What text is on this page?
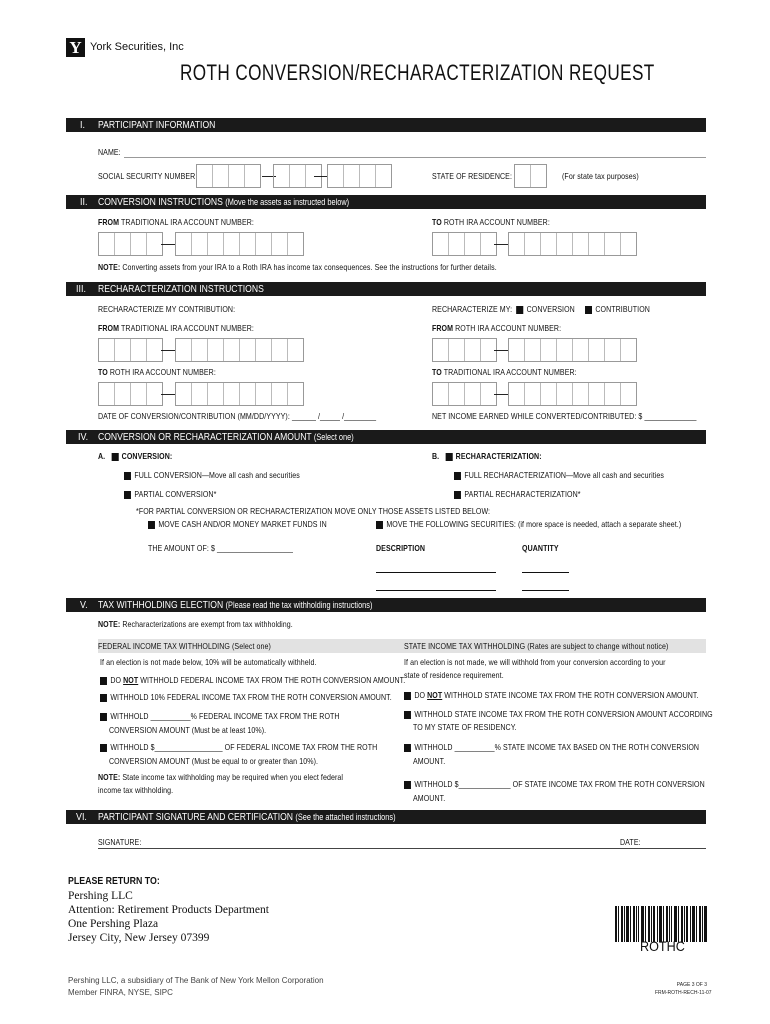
Y York Securities, Inc
ROTH CONVERSION/RECHARACTERIZATION REQUEST
I. PARTICIPANT INFORMATION
NAME:
SOCIAL SECURITY NUMBER:	—	—	STATE OF RESIDENCE:	(For state tax purposes)
II. CONVERSION INSTRUCTIONS (Move the assets as instructed below)
FROM TRADITIONAL IRA ACCOUNT NUMBER:	TO ROTH IRA ACCOUNT NUMBER:
—	—
NOTE: Converting assets from your IRA to a Roth IRA has income tax consequences. See the instructions for further details.
III. RECHARACTERIZATION INSTRUCTIONS
RECHARACTERIZE MY CONTRIBUTION:	RECHARACTERIZE MY: CONVERSION	CONTRIBUTION
FROM TRADITIONAL IRA ACCOUNT NUMBER:	FROM ROTH IRA ACCOUNT NUMBER:
—	—
TO ROTH IRA ACCOUNT NUMBER:	TO TRADITIONAL IRA ACCOUNT NUMBER:
—	—
DATE OF CONVERSION/CONTRIBUTION (MM/DD/YYYY): ______ /_____ /________	NET INCOME EARNED WHILE CONVERTED/CONTRIBUTED: $ _____________
IV. CONVERSION OR RECHARACTERIZATION AMOUNT (Select one)
A. CONVERSION:	B. RECHARACTERIZATION:
FULL CONVERSION—Move all cash and securities	FULL RECHARACTERIZATION—Move all cash and securities
PARTIAL CONVERSION*	PARTIAL RECHARACTERIZATION*
*FOR PARTIAL CONVERSION OR RECHARACTERIZATION MOVE ONLY THOSE ASSETS LISTED BELOW:
MOVE CASH AND/OR MONEY MARKET FUNDS IN	MOVE THE FOLLOWING SECURITIES: (if more space is needed, attach a separate sheet.)
THE AMOUNT OF: $ ___________________	DESCRIPTION	QUANTITY
V. TAX WITHHOLDING ELECTION (Please read the tax withholding instructions)
NOTE: Recharacterizations are exempt from tax withholding.
FEDERAL INCOME TAX WITHHOLDING (Select one)	STATE INCOME TAX WITHHOLDING (Rates are subject to change without notice)
If an election is not made below, 10% will be automatically withheld.
DO NOT WITHHOLD FEDERAL INCOME TAX FROM THE ROTH CONVERSION AMOUNT.
WITHHOLD 10% FEDERAL INCOME TAX FROM THE ROTH CONVERSION AMOUNT.
WITHHOLD __________% FEDERAL INCOME TAX FROM THE ROTH
CONVERSION AMOUNT (Must be at least 10%).
WITHHOLD $_________________ OF FEDERAL INCOME TAX FROM THE ROTH
CONVERSION AMOUNT (Must be equal to or greater than 10%).
NOTE: State income tax withholding may be required when you elect federal
income tax withholding.
If an election is not made, we will withhold from your conversion according to your
state of residence requirement.
DO NOT WITHHOLD STATE INCOME TAX FROM THE ROTH CONVERSION AMOUNT.
WITHHOLD STATE INCOME TAX FROM THE ROTH CONVERSION AMOUNT ACCORDING
TO MY STATE OF RESIDENCY.
WITHHOLD __________% STATE INCOME TAX BASED ON THE ROTH CONVERSION
AMOUNT.
WITHHOLD $_____________ OF STATE INCOME TAX FROM THE ROTH CONVERSION
AMOUNT.
VI. PARTICIPANT SIGNATURE AND CERTIFICATION (See the attached instructions)
SIGNATURE:	DATE:
PLEASE RETURN TO:
Pershing LLC
Attention: Retirement Products Department
One Pershing Plaza
Jersey City, New Jersey 07399	ROTHC
Pershing LLC, a subsidiary of The Bank of New York Mellon Corporation
Member FINRA, NYSE, SIPC
PAGE 3 OF 3
FRM-ROTH-RECH-11-07
